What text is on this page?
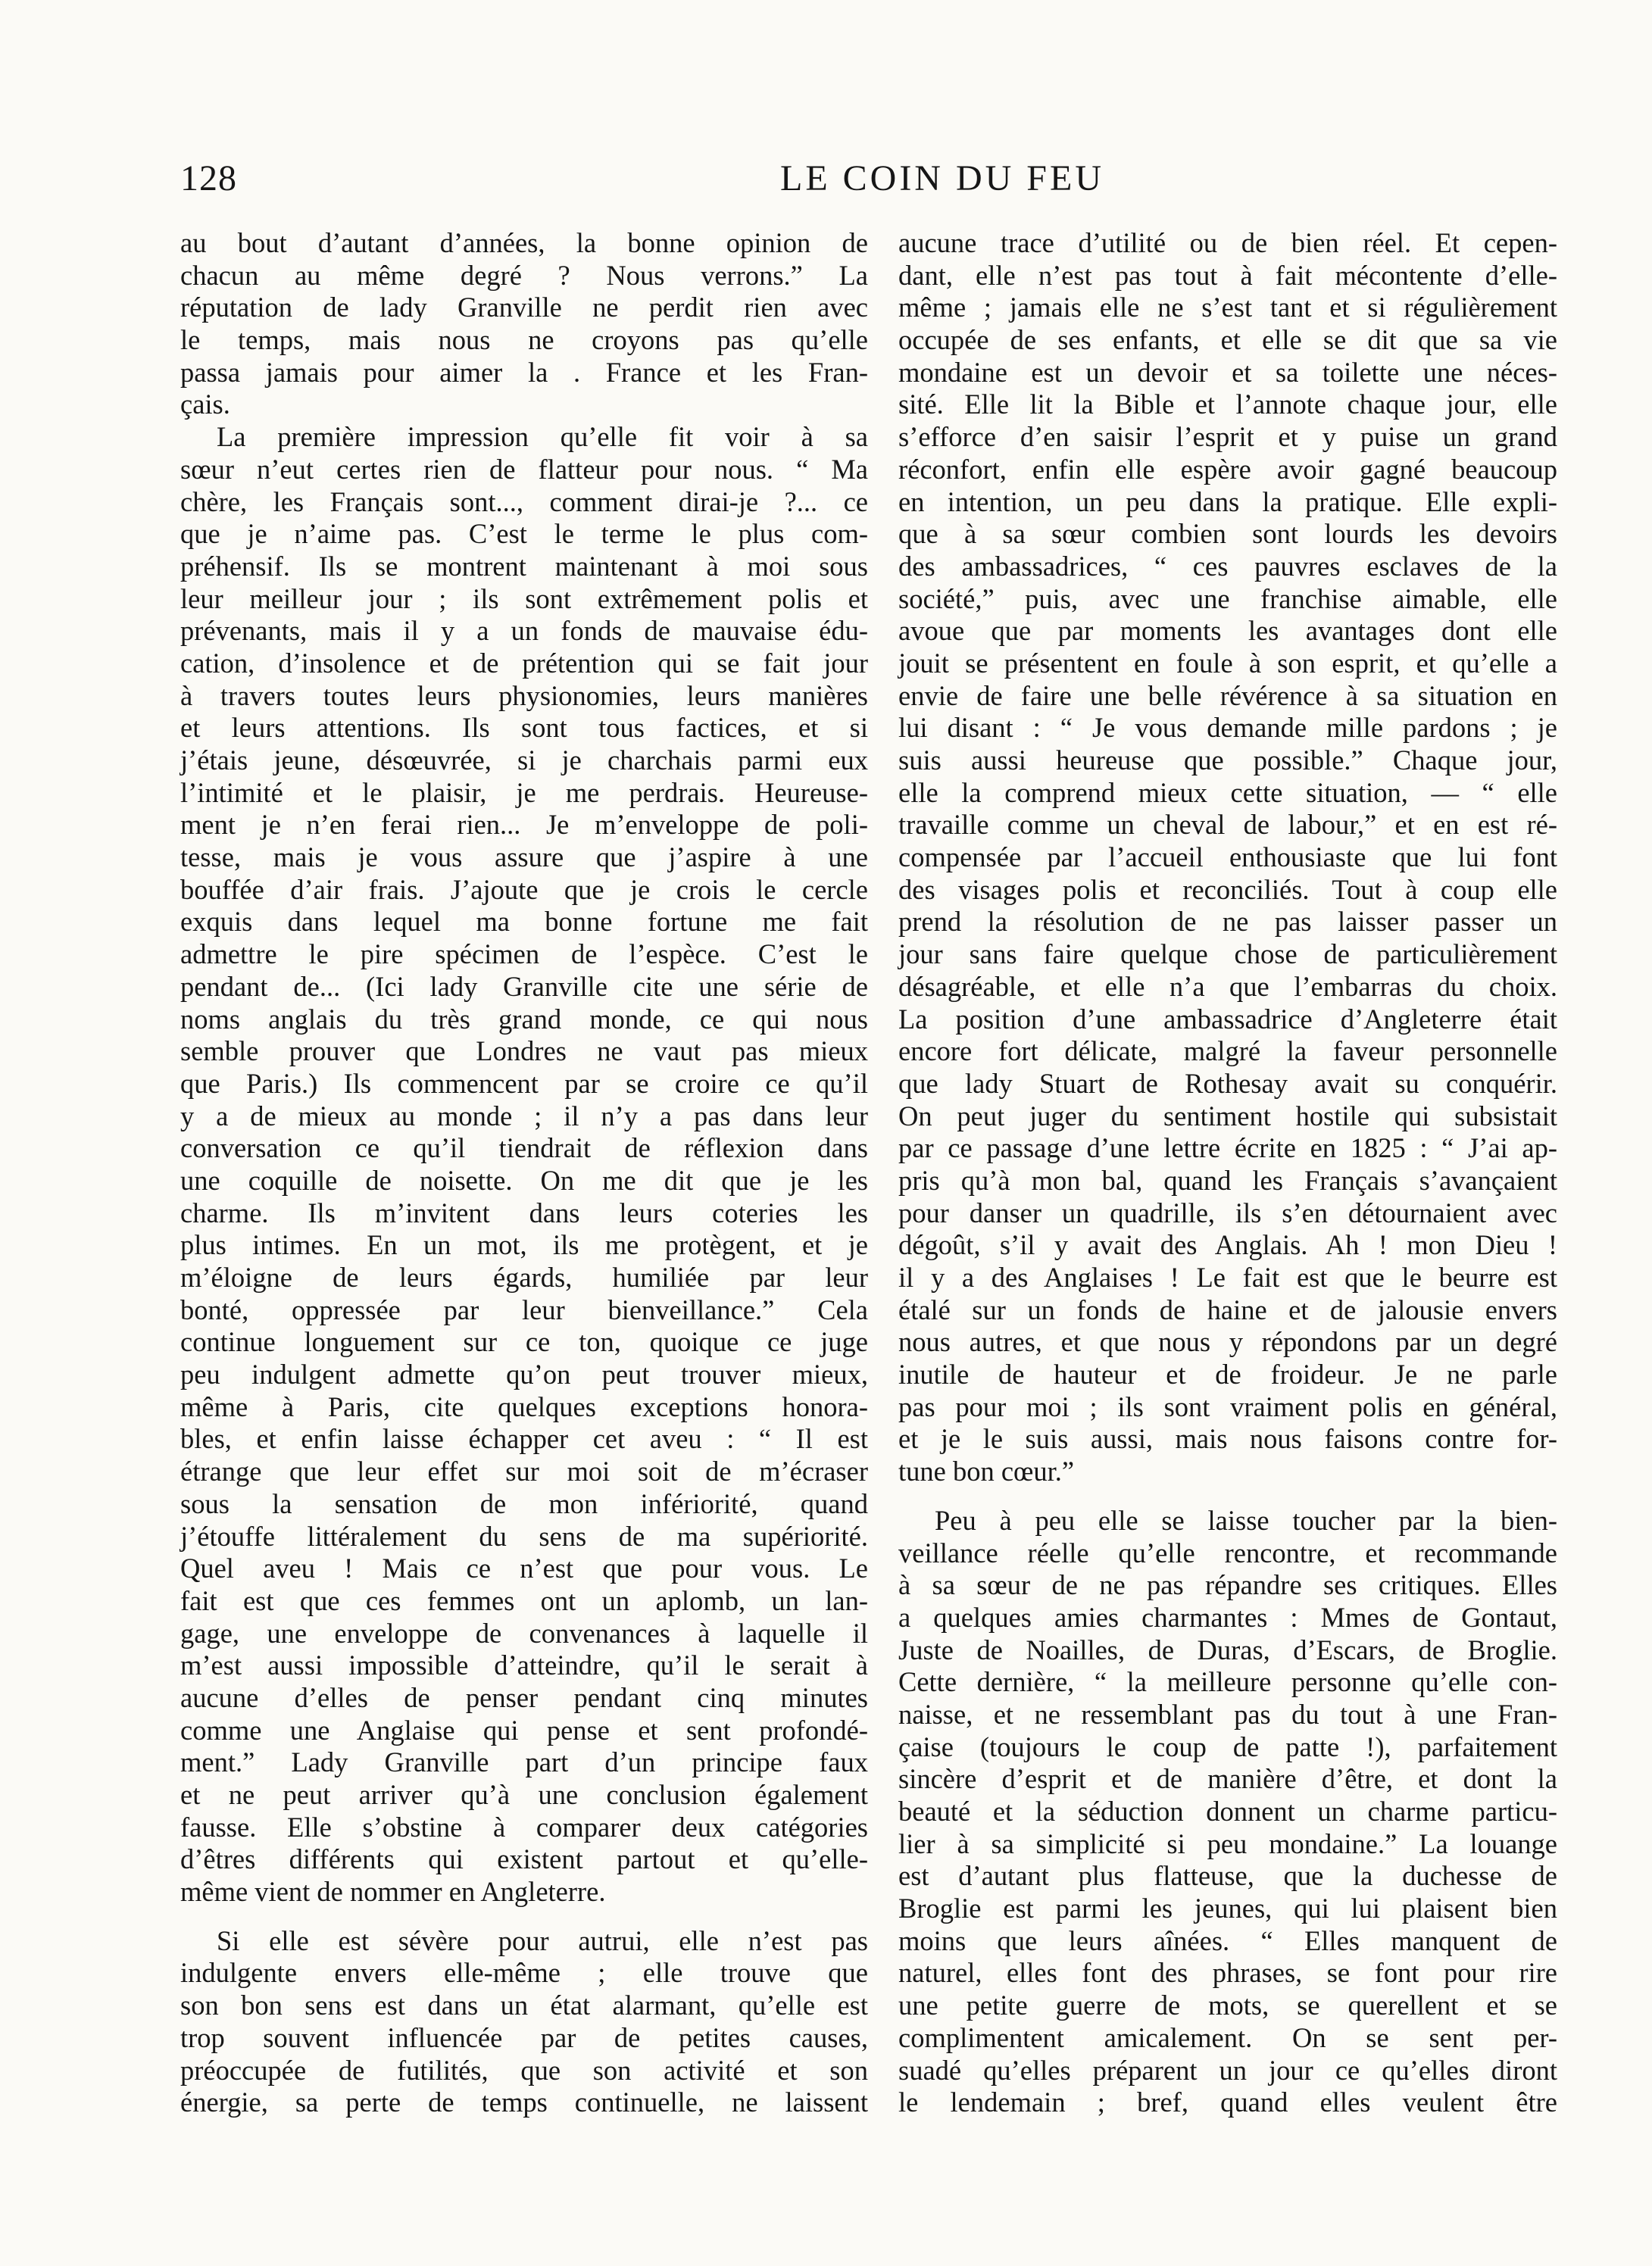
128	LE COIN DU FEU
au bout d’autant d’années, la bonne opinion de
chacun au même degré ? Nous verrons.” La
réputation de lady Granville ne perdit rien avec
le temps, mais nous ne croyons pas qu’elle
passa jamais pour aimer la . France et les Fran-
çais.
La première impression qu’elle fit voir à sa
sœur n’eut certes rien de flatteur pour nous. “ Ma
chère, les Français sont..., comment dirai-je ?... ce
que je n’aime pas. C’est le terme le plus com-
préhensif. Ils se montrent maintenant à moi sous
leur meilleur jour ; ils sont extrêmement polis et
prévenants, mais il y a un fonds de mauvaise édu-
cation, d’insolence et de prétention qui se fait jour
à travers toutes leurs physionomies, leurs manières
et leurs attentions. Ils sont tous factices, et si
j’étais jeune, désœuvrée, si je charchais parmi eux
l’intimité et le plaisir, je me perdrais. Heureuse-
ment je n’en ferai rien... Je m’enveloppe de poli-
tesse, mais je vous assure que j’aspire à une
bouffée d’air frais. J’ajoute que je crois le cercle
exquis dans lequel ma bonne fortune me fait
admettre le pire spécimen de l’espèce. C’est le
pendant de... (Ici lady Granville cite une série de
noms anglais du très grand monde, ce qui nous
semble prouver que Londres ne vaut pas mieux
que Paris.) Ils commencent par se croire ce qu’il
y a de mieux au monde ; il n’y a pas dans leur
conversation ce qu’il tiendrait de réflexion dans
une coquille de noisette. On me dit que je les
charme. Ils m’invitent dans leurs coteries les
plus intimes. En un mot, ils me protègent, et je
m’éloigne de leurs égards, humiliée par leur
bonté, oppressée par leur bienveillance.” Cela
continue longuement sur ce ton, quoique ce juge
peu indulgent admette qu’on peut trouver mieux,
même à Paris, cite quelques exceptions honora-
bles, et enfin laisse échapper cet aveu : “ Il est
étrange que leur effet sur moi soit de m’écraser
sous la sensation de mon infériorité, quand
j’étouffe littéralement du sens de ma supériorité.
Quel aveu ! Mais ce n’est que pour vous. Le
fait est que ces femmes ont un aplomb, un lan-
gage, une enveloppe de convenances à laquelle il
m’est aussi impossible d’atteindre, qu’il le serait à
aucune d’elles de penser pendant cinq minutes
comme une Anglaise qui pense et sent profondé-
ment.” Lady Granville part d’un principe faux
et ne peut arriver qu’à une conclusion également
fausse. Elle s’obstine à comparer deux catégories
d’êtres différents qui existent partout et qu’elle-
même vient de nommer en Angleterre.
Si elle est sévère pour autrui, elle n’est pas
indulgente envers elle-même ; elle trouve que
son bon sens est dans un état alarmant, qu’elle est
trop souvent influencée par de petites causes,
préoccupée de futilités, que son activité et son
énergie, sa perte de temps continuelle, ne laissent
aucune trace d’utilité ou de bien réel. Et cepen-
dant, elle n’est pas tout à fait mécontente d’elle-
même ; jamais elle ne s’est tant et si régulièrement
occupée de ses enfants, et elle se dit que sa vie
mondaine est un devoir et sa toilette une néces-
sité. Elle lit la Bible et l’annote chaque jour, elle
s’efforce d’en saisir l’esprit et y puise un grand
réconfort, enfin elle espère avoir gagné beaucoup
en intention, un peu dans la pratique. Elle expli-
que à sa sœur combien sont lourds les devoirs
des ambassadrices, “ ces pauvres esclaves de la
société,” puis, avec une franchise aimable, elle
avoue que par moments les avantages dont elle
jouit se présentent en foule à son esprit, et qu’elle a
envie de faire une belle révérence à sa situation en
lui disant : “ Je vous demande mille pardons ; je
suis aussi heureuse que possible.” Chaque jour,
elle la comprend mieux cette situation, — “ elle
travaille comme un cheval de labour,” et en est ré-
compensée par l’accueil enthousiaste que lui font
des visages polis et reconciliés. Tout à coup elle
prend la résolution de ne pas laisser passer un
jour sans faire quelque chose de particulièrement
désagréable, et elle n’a que l’embarras du choix.
La position d’une ambassadrice d’Angleterre était
encore fort délicate, malgré la faveur personnelle
que lady Stuart de Rothesay avait su conquérir.
On peut juger du sentiment hostile qui subsistait
par ce passage d’une lettre écrite en 1825 : “ J’ai ap-
pris qu’à mon bal, quand les Français s’avançaient
pour danser un quadrille, ils s’en détournaient avec
dégoût, s’il y avait des Anglais. Ah ! mon Dieu !
il y a des Anglaises ! Le fait est que le beurre est
étalé sur un fonds de haine et de jalousie envers
nous autres, et que nous y répondons par un degré
inutile de hauteur et de froideur. Je ne parle
pas pour moi ; ils sont vraiment polis en général,
et je le suis aussi, mais nous faisons contre for-
tune bon cœur.”
Peu à peu elle se laisse toucher par la bien-
veillance réelle qu’elle rencontre, et recommande
à sa sœur de ne pas répandre ses critiques. Elles
a quelques amies charmantes : Mmes de Gontaut,
Juste de Noailles, de Duras, d’Escars, de Broglie.
Cette dernière, “ la meilleure personne qu’elle con-
naisse, et ne ressemblant pas du tout à une Fran-
çaise (toujours le coup de patte !), parfaitement
sincère d’esprit et de manière d’être, et dont la
beauté et la séduction donnent un charme particu-
lier à sa simplicité si peu mondaine.” La louange
est d’autant plus flatteuse, que la duchesse de
Broglie est parmi les jeunes, qui lui plaisent bien
moins que leurs aînées. “ Elles manquent de
naturel, elles font des phrases, se font pour rire
une petite guerre de mots, se querellent et se
complimentent amicalement. On se sent per-
suadé qu’elles préparent un jour ce qu’elles diront
le lendemain ; bref, quand elles veulent être
